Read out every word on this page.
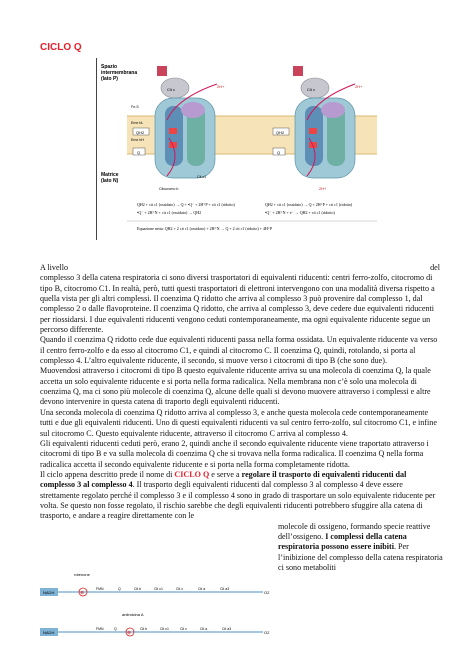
CICLO Q
Spazio intermembrana (lato P)
Matrice (lato N)
Cit c
Fe-S
Eme bL
Eme bH
QH2
Q
2H+
Citocromo b
Cit c1
Cit c
QH2
Q
2H+
2H+
QH2 + cit c1 (ossidato) → Q + •Q⁻ + 2H⁺P + cit c1 (ridotto)
•Q⁻ + 2H⁺N + cit c1 (ossidato) → QH2
QH2 + cit c1 (ossidato) → Q + 2H⁺P + cit c1 (ridotto)
•Q⁻ + 2H⁺N + e⁻ → QH2 + cit c1 (ridotto)
Equazione netta: QH2 + 2 cit c1 (ossidato) + 2H⁺N → Q + 2 cit c1 (ridotto) + 4H⁺P

A livello	del

complesso 3 della catena respiratoria ci sono diversi trasportatori di equivalenti riducenti: centri ferro-zolfo, citocromo di tipo B, citocromo C1. In realtà, però, tutti questi trasportatori di elettroni intervengono con una modalità diversa rispetto a quella vista per gli altri complessi. Il coenzima Q ridotto che arriva al complesso 3 può provenire dal complesso 1, dal complesso 2 o dalle flavoproteine. Il coenzima Q ridotto, che arriva al complesso 3, deve cedere due equivalenti riducenti per riossidarsi. I due equivalenti riducenti vengono ceduti contemporaneamente, ma ogni equivalente riducente segue un percorso differente.

Quando il coenzima Q ridotto cede due equivalenti riducenti passa nella forma ossidata. Un equivalente riducente va verso il centro ferro-zolfo e da esso al citocromo C1, e quindi al citocromo C. Il coenzima Q, quindi, rotolando, si porta al complesso 4. L’altro equivalente riducente, il secondo, si muove verso i citocromi di tipo B (che sono due).

Muovendosi attraverso i citocromi di tipo B questo equivalente riducente arriva su una molecola di coenzima Q, la quale accetta un solo equivalente riducente e si porta nella forma radicalica. Nella membrana non c’è solo una molecola di coenzima Q, ma ci sono più molecole di coenzima Q, alcune delle quali si devono muovere attraverso i complessi e altre devono intervenire in questa catena di traporto degli equivalenti riducenti.

Una seconda molecola di coenzima Q ridotto arriva al complesso 3, e anche questa molecola cede contemporaneamente tutti e due gli equivalenti riducenti. Uno di questi equivalenti riducenti va sul centro ferro-zolfo, sul citocromo C1, e infine sul citocromo C. Questo equivalente riducente, attraverso il citocromo C arriva al complesso 4.

Gli equivalenti riducenti ceduti però, erano 2, quindi anche il secondo equivalente riducente viene traportato attraverso i citocromi di tipo B e va sulla molecola di coenzima Q che si trovava nella forma radicalica. Il coenzima Q nella forma radicalica accetta il secondo equivalente riducente e si porta nella forma completamente ridotta.

Il ciclo appena descritto prede il nome di CICLO Q e serve a regolare il trasporto di equivalenti riducenti dal complesso 3 al complesso 4. Il trasporto degli equivalenti riducenti dal complesso 3 al complesso 4 deve essere strettamente regolato perché il complesso 3 e il complesso 4 sono in grado di trasportare un solo equivalente riducente per volta. Se questo non fosse regolato, il rischio sarebbe che degli equivalenti riducenti potrebbero sfuggire alla catena di trasporto, e andare a reagire direttamente con le

molecole di ossigeno, formando specie reattive dell’ossigeno. I complessi della catena respiratoria possono essere inibiti. Per l’inibizione del complesso della catena respiratoria ci sono metaboliti
rotenone
NADH	⊗
FMN	Q	Cit b	Cit c1	Cit c	Cit a	Cit a3
O2
antimicina A
NADH	⊗
FMN	Q	Cit b	Cit c1	Cit c	Cit a	Cit a3
O2
